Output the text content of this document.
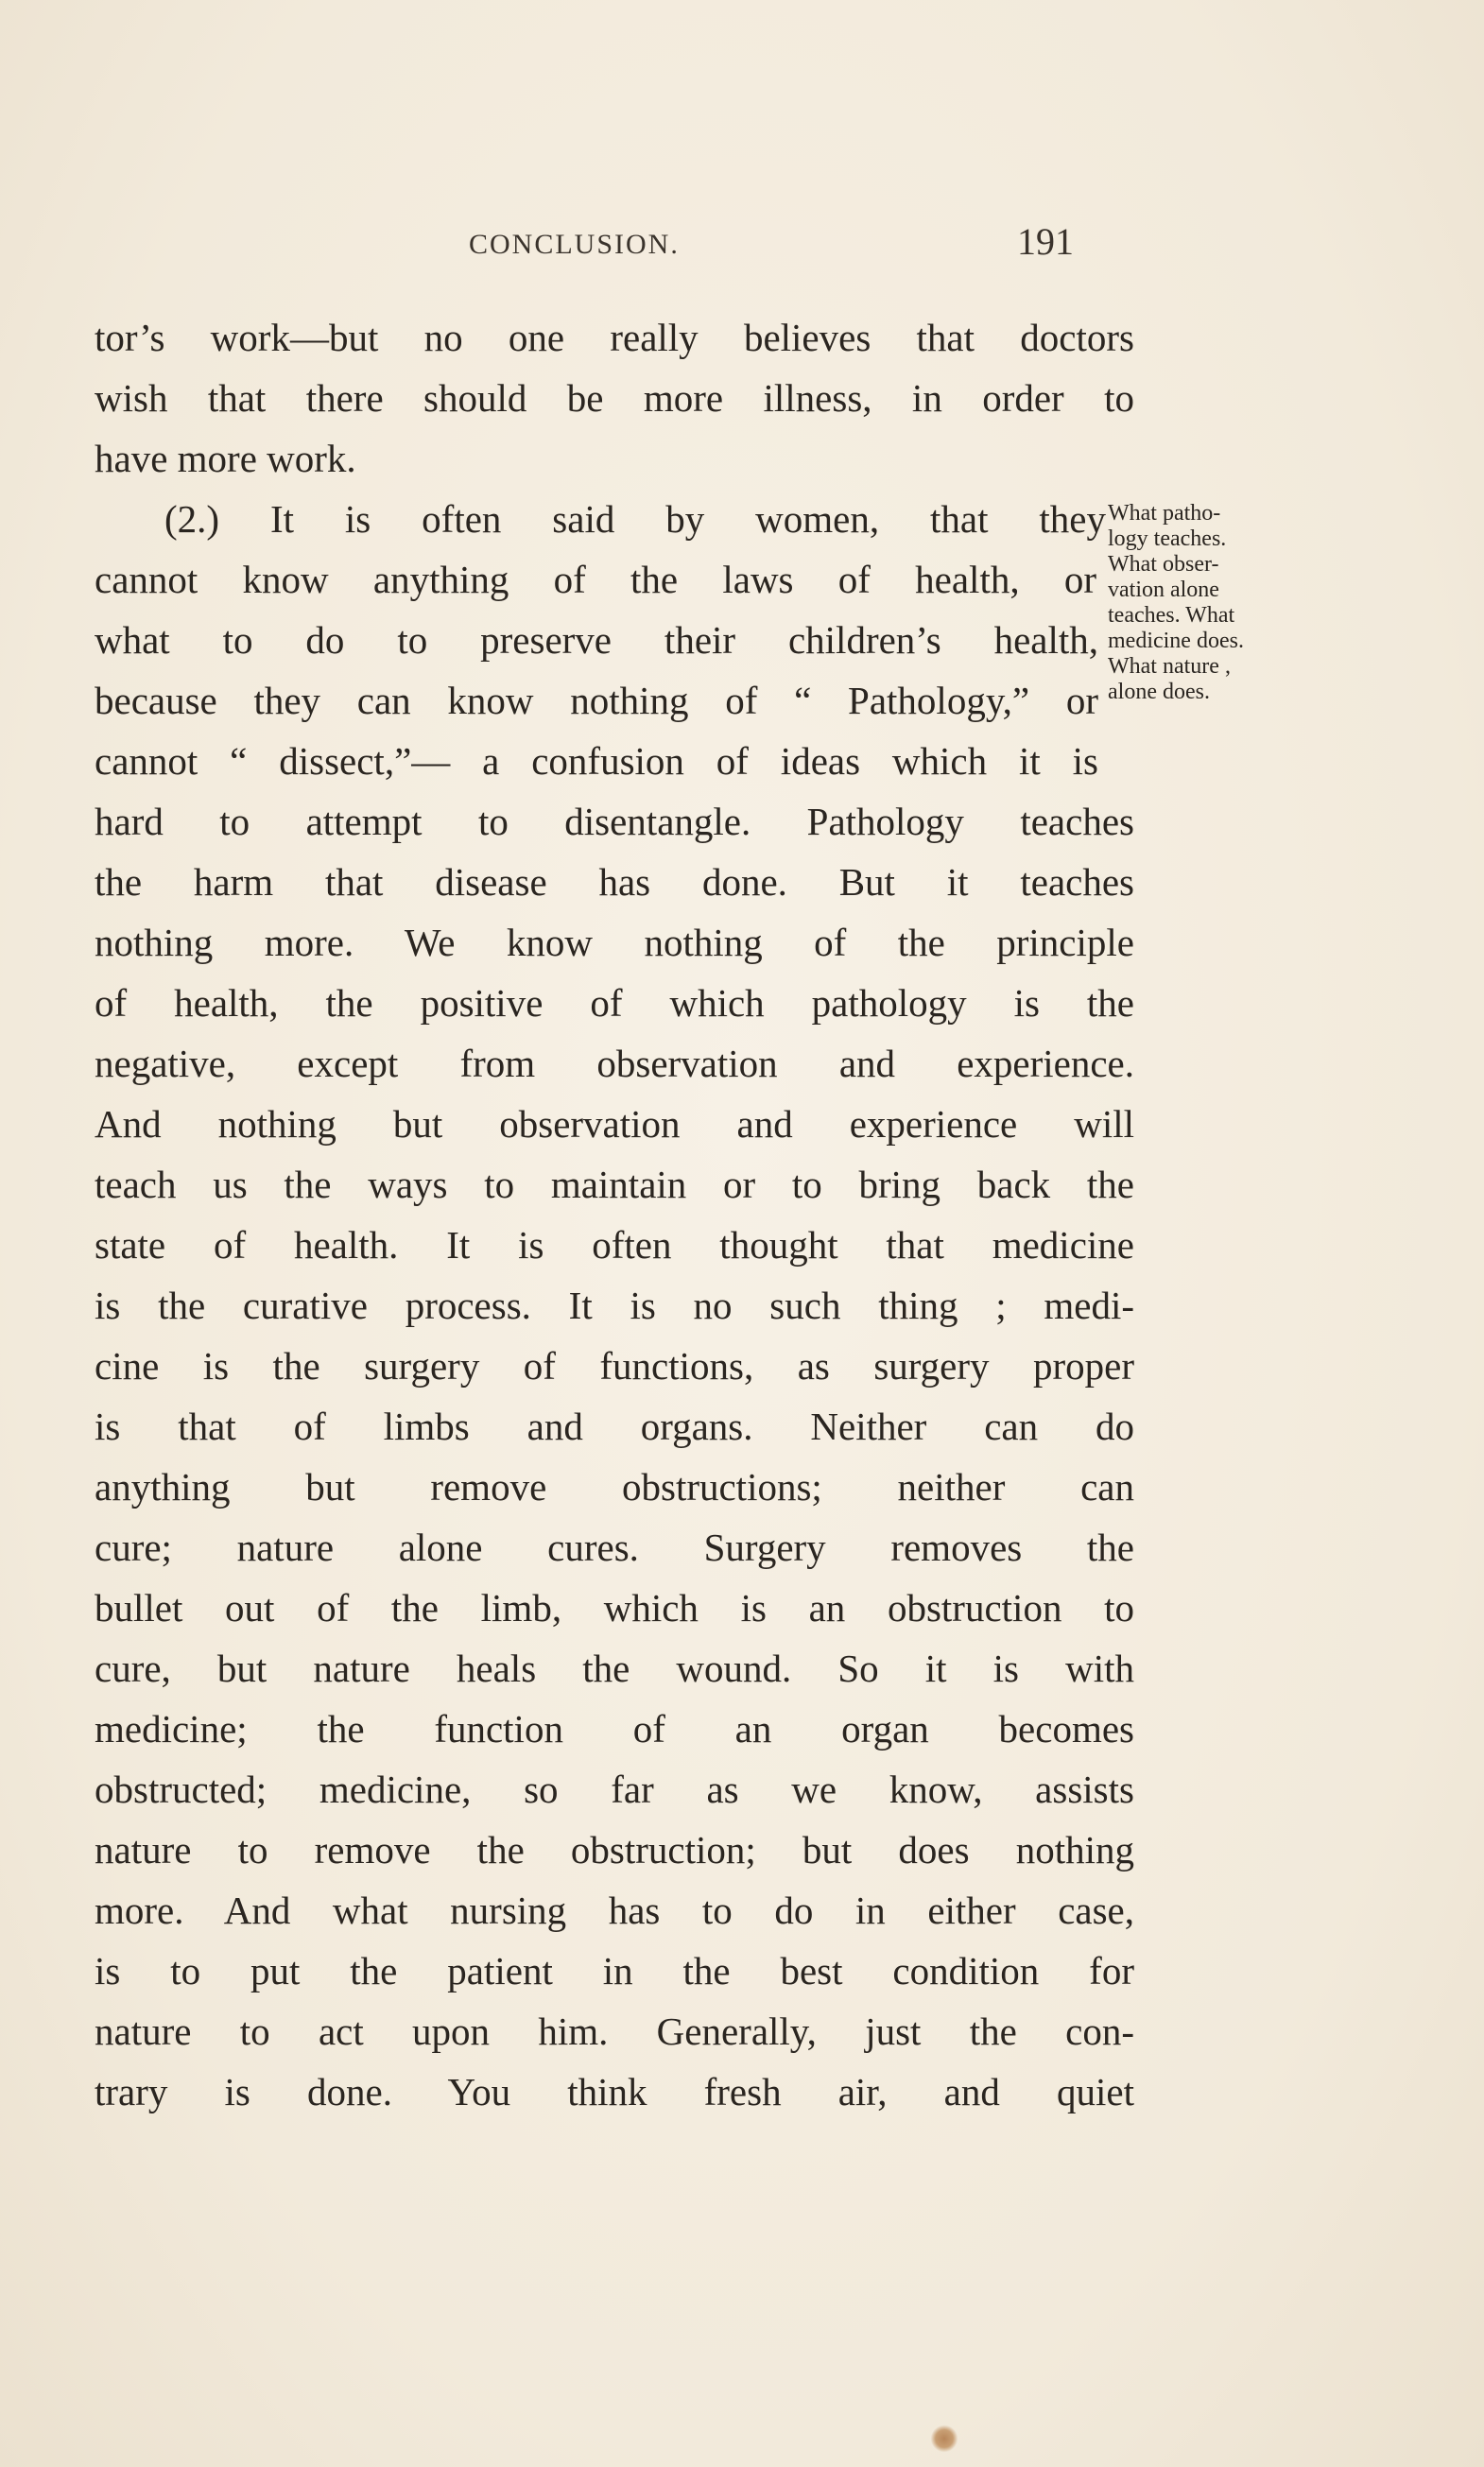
CONCLUSION.	191
tor’s work—but no one really believes that doctors
wish that there should be more illness, in order to
have more work.
(2.) It is often said by women, that they
cannot know anything of the laws of health, or
what to do to preserve their children’s health,
because they can know nothing of “ Pathology,” or
cannot “ dissect,”— a confusion of ideas which it is
hard to attempt to disentangle. Pathology teaches
the harm that disease has done. But it teaches
nothing more. We know nothing of the principle
of health, the positive of which pathology is the
negative, except from observation and experience.
And nothing but observation and experience will
teach us the ways to maintain or to bring back the
state of health. It is often thought that medicine
is the curative process. It is no such thing ; medi-
cine is the surgery of functions, as surgery proper
is that of limbs and organs. Neither can do
anything but remove obstructions; neither can
cure; nature alone cures. Surgery removes the
bullet out of the limb, which is an obstruction to
cure, but nature heals the wound. So it is with
medicine; the function of an organ becomes
obstructed; medicine, so far as we know, assists
nature to remove the obstruction; but does nothing
more. And what nursing has to do in either case,
is to put the patient in the best condition for
nature to act upon him. Generally, just the con-
trary is done. You think fresh air, and quiet
What patho-
logy teaches.
What obser-
vation alone
teaches. What
medicine does.
What nature ,
alone does.
